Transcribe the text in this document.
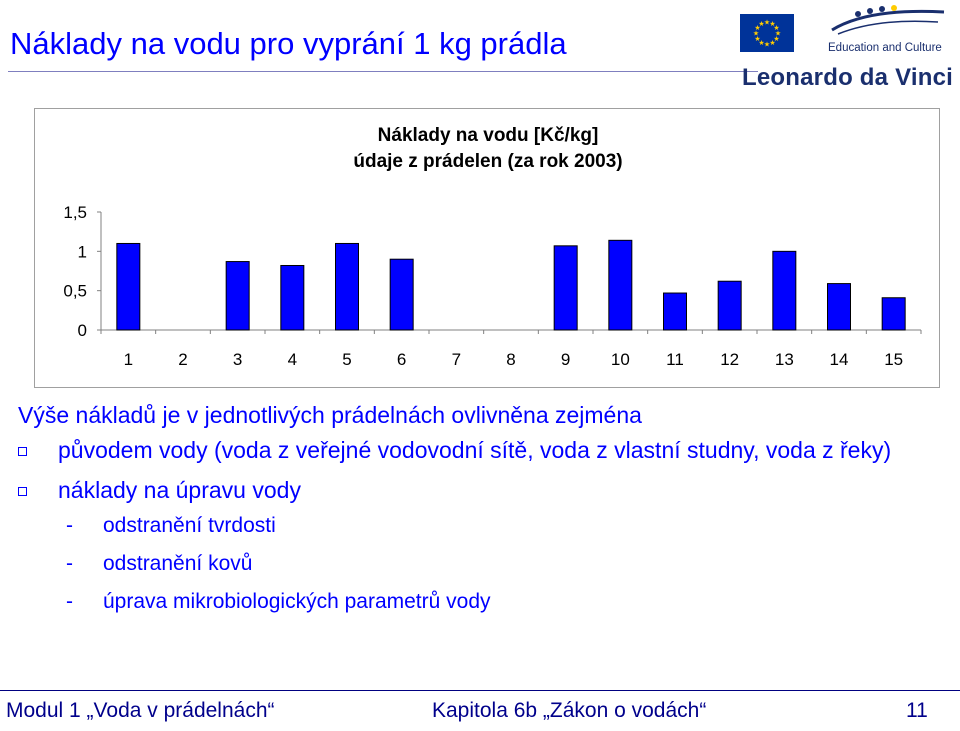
Náklady na vodu pro vyprání 1 kg prádla	★
★
★
★
★
★
★
★
★ ★ ★
★
Education and Culture
Leonardo da Vinci
Náklady na vodu [Kč/kg]
údaje z prádelen (za rok 2003)
0
0,5
1
1,5
1	2	3	4	5	6	7	8	9 10 11 12 13 14 15

Výše nákladů je v jednotlivých prádelnách ovlivněna zejména

původem vody (voda z veřejné vodovodní sítě, voda z vlastní studny, voda z řeky)
náklady na úpravu vody
- odstranění tvrdosti
- odstranění kovů
- úprava mikrobiologických parametrů vody
Modul 1 „Voda v prádelnách“	Kapitola 6b „Zákon o vodách“	11
